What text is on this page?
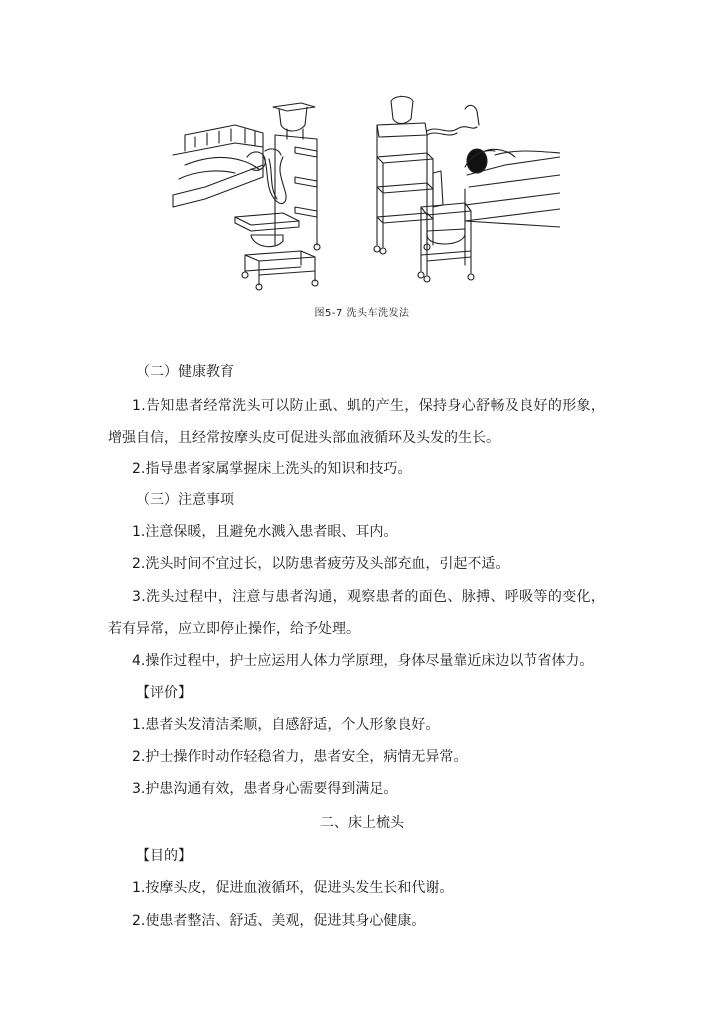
图5-7 洗头车洗发法
（二）健康教育
1.告知患者经常洗头可以防止虱、虮的产生，保持身心舒畅及良好的形象，
增强自信，且经常按摩头皮可促进头部血液循环及头发的生长。
2.指导患者家属掌握床上洗头的知识和技巧。
（三）注意事项
1.注意保暖，且避免水溅入患者眼、耳内。
2.洗头时间不宜过长，以防患者疲劳及头部充血，引起不适。
3.洗头过程中，注意与患者沟通，观察患者的面色、脉搏、呼吸等的变化，
若有异常，应立即停止操作，给予处理。
4.操作过程中，护士应运用人体力学原理，身体尽量靠近床边以节省体力。
【评价】
1.患者头发清洁柔顺，自感舒适，个人形象良好。
2.护士操作时动作轻稳省力，患者安全，病情无异常。
3.护患沟通有效，患者身心需要得到满足。
二、床上梳头
【目的】
1.按摩头皮，促进血液循环，促进头发生长和代谢。
2.使患者整洁、舒适、美观，促进其身心健康。
